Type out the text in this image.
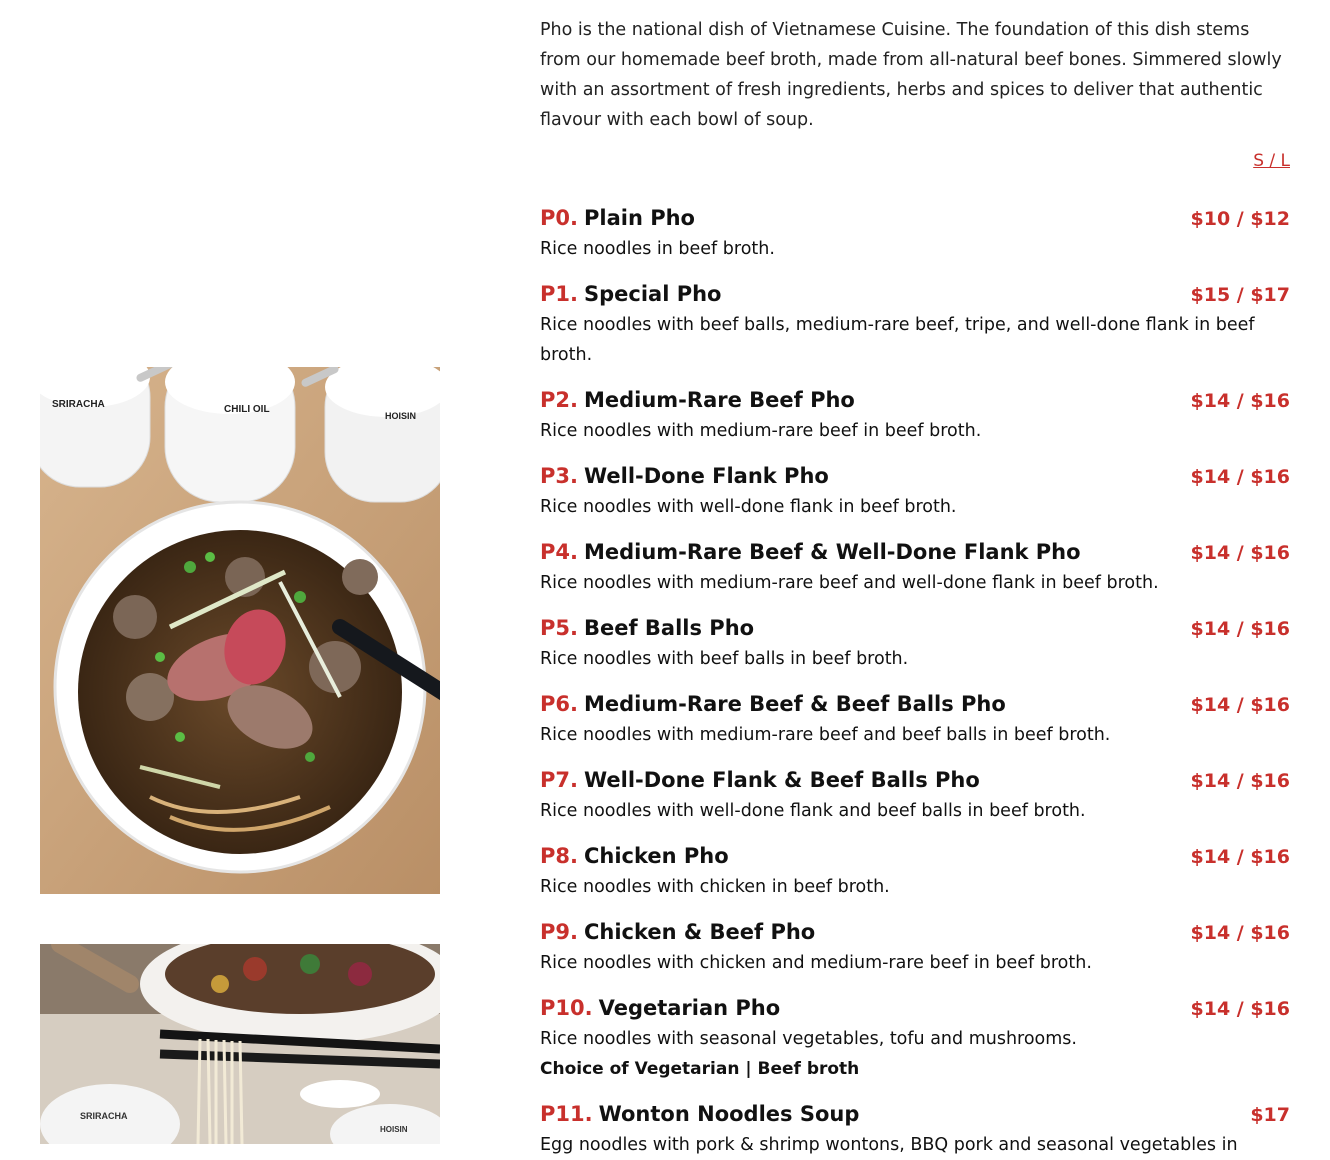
SRIRACHA	CHILI OIL
HOISIN
SRIRACHA
HOISIN

Pho is the national dish of Vietnamese Cuisine. The foundation of this dish stems from our homemade beef broth, made from all-natural beef bones. Simmered slowly with an assortment of fresh ingredients, herbs and spices to deliver that authentic flavour with each bowl of soup.

S / L
P0. Plain Pho	$10 / $12
Rice noodles in beef broth.
P1. Special Pho	$15 / $17
Rice noodles with beef balls, medium-rare beef, tripe, and well-done flank in beef broth.
P2. Medium-Rare Beef Pho	$14 / $16
Rice noodles with medium-rare beef in beef broth.
P3. Well-Done Flank Pho	$14 / $16
Rice noodles with well-done flank in beef broth.
P4. Medium-Rare Beef & Well-Done Flank Pho	$14 / $16
Rice noodles with medium-rare beef and well-done flank in beef broth.
P5. Beef Balls Pho	$14 / $16
Rice noodles with beef balls in beef broth.
P6. Medium-Rare Beef & Beef Balls Pho	$14 / $16
Rice noodles with medium-rare beef and beef balls in beef broth.
P7. Well-Done Flank & Beef Balls Pho	$14 / $16
Rice noodles with well-done flank and beef balls in beef broth.
P8. Chicken Pho	$14 / $16
Rice noodles with chicken in beef broth.
P9. Chicken & Beef Pho	$14 / $16
Rice noodles with chicken and medium-rare beef in beef broth.
P10. Vegetarian Pho	$14 / $16
Rice noodles with seasonal vegetables, tofu and mushrooms.
Choice of Vegetarian | Beef broth
P11. Wonton Noodles Soup	$17
Egg noodles with pork & shrimp wontons, BBQ pork and seasonal vegetables in
